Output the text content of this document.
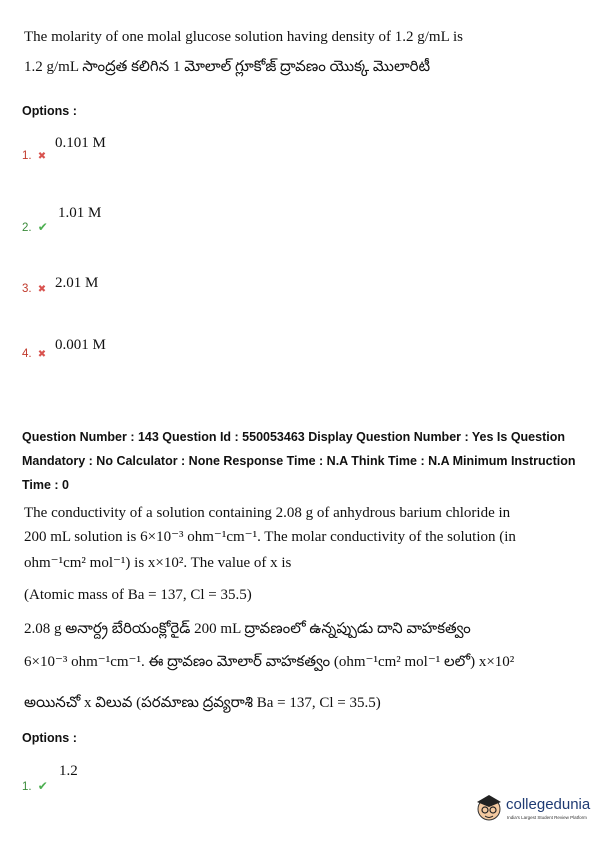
The molarity of one molal glucose solution having density of 1.2 g/mL is
1.2 g/mL సాంద్రత కలిగిన 1 మోలాల్ గ్లూకోజ్ ద్రావణం యొక్క మొలారిటీ
Options :
1. ✖
0.101 M
2. ✔
1.01 M
3. ✖ 2.01 M
4. ✖
0.001 M
Question Number : 143 Question Id : 550053463 Display Question Number : Yes Is Question
Mandatory : No Calculator : None Response Time : N.A Think Time : N.A Minimum Instruction
Time : 0
The conductivity of a solution containing 2.08 g of anhydrous barium chloride in
200 mL solution is 6×10⁻³ ohm⁻¹cm⁻¹. The molar conductivity of the solution (in
ohm⁻¹cm² mol⁻¹) is x×10². The value of x is
(Atomic mass of Ba = 137, Cl = 35.5)
2.08 g అనార్ద్ర బేరియంక్లోరైడ్ 200 mL ద్రావణంలో ఉన్నప్పుడు దాని వాహకత్వం
6×10⁻³ ohm⁻¹cm⁻¹. ఈ ద్రావణం మోలార్ వాహకత్వం (ohm⁻¹cm² mol⁻¹ లలో) x×10²
అయినచో x విలువ (పరమాణు ద్రవ్యరాశి Ba = 137, Cl = 35.5)
Options :
1. ✔
1.2
collegedunia
India's Largest Student Review Platform
